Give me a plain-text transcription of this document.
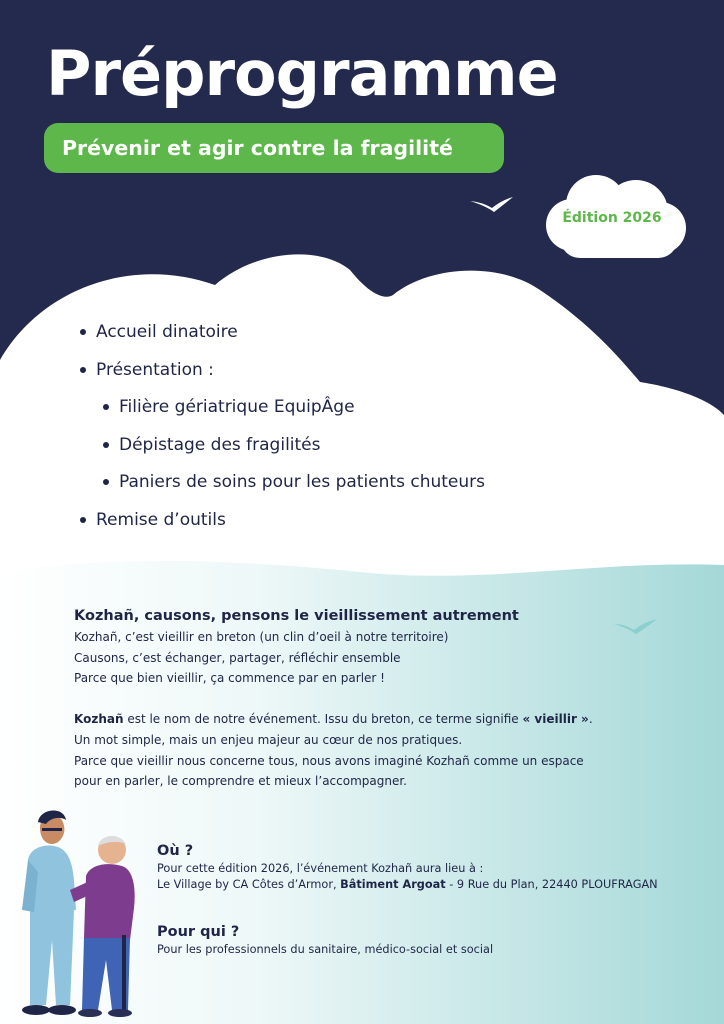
Préprogramme
Prévenir et agir contre la fragilité
Édition 2026
Accueil dinatoire
Présentation :
Filière gériatrique EquipÂge
Dépistage des fragilités
Paniers de soins pour les patients chuteurs
Remise d’outils
Kozhañ, causons, pensons le vieillissement autrement
Kozhañ, c’est vieillir en breton (un clin d’oeil à notre territoire)
Causons, c’est échanger, partager, réfléchir ensemble
Parce que bien vieillir, ça commence par en parler !
Kozhañ est le nom de notre événement. Issu du breton, ce terme signifie « vieillir ».
Un mot simple, mais un enjeu majeur au cœur de nos pratiques.
Parce que vieillir nous concerne tous, nous avons imaginé Kozhañ comme un espace
pour en parler, le comprendre et mieux l’accompagner.
Où ?
Pour cette édition 2026, l’événement Kozhañ aura lieu à :
Le Village by CA Côtes d’Armor, Bâtiment Argoat - 9 Rue du Plan, 22440 PLOUFRAGAN
Pour qui ?
Pour les professionnels du sanitaire, médico-social et social
